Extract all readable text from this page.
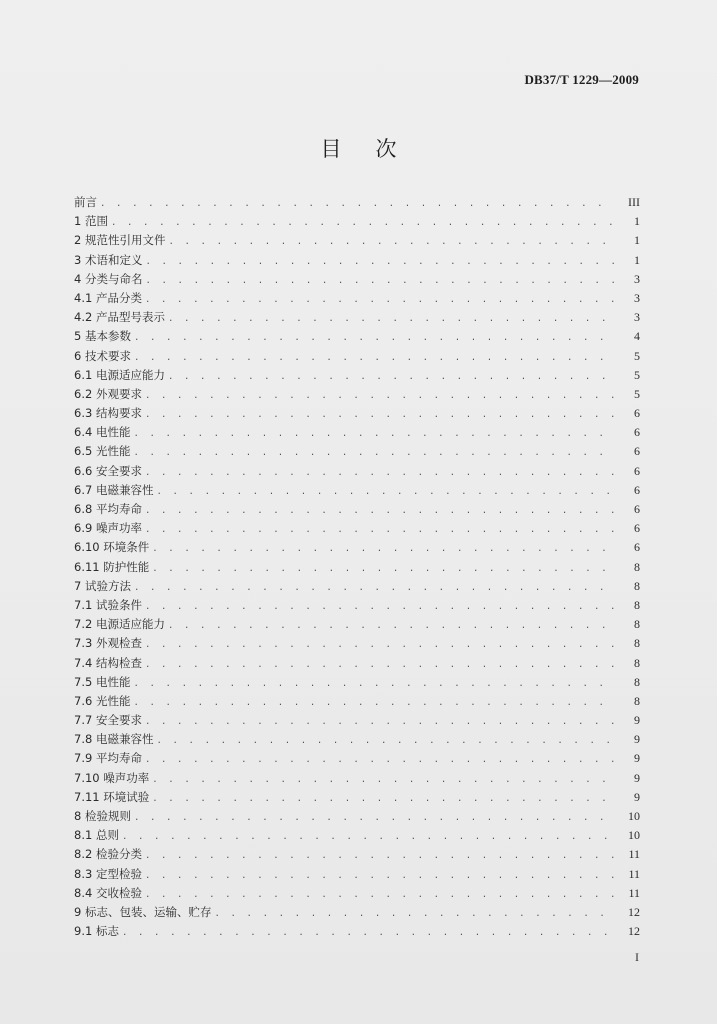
DB37/T 1229—2009
目次
前言 . . .	III
1 范围 . . .	1
2 规范性引用文件 . . .	1
3 术语和定义 . . .	1
4 分类与命名 . . .	3
4.1 产品分类 . . .	3
4.2 产品型号表示 . . .	3
5 基本参数 . . .	4
6 技术要求 . . .	5
6.1 电源适应能力 . . .	5
6.2 外观要求 . . .	5
6.3 结构要求 . . .	6
6.4 电性能 . . .	6
6.5 光性能 . . .	6
6.6 安全要求 . . .	6
6.7 电磁兼容性 . . .	6
6.8 平均寿命 . . .	6
6.9 噪声功率 . . .	6
6.10 环境条件 . . .	6
6.11 防护性能 . . .	8
7 试验方法 . . .	8
7.1 试验条件 . . .	8
7.2 电源适应能力 . . .	8
7.3 外观检查 . . .	8
7.4 结构检查 . . .	8
7.5 电性能 . . .	8
7.6 光性能 . . .	8
7.7 安全要求 . . .	9
7.8 电磁兼容性 . . .	9
7.9 平均寿命 . . .	9
7.10 噪声功率 . . .	9
7.11 环境试验 . . .	9
8 检验规则 . . .	10
8.1 总则 . . .	10
8.2 检验分类 . . .	11
8.3 定型检验 . . .	11
8.4 交收检验 . . .	11
9 标志、包装、运输、贮存 . . .	12
9.1 标志 . . .	12
I
